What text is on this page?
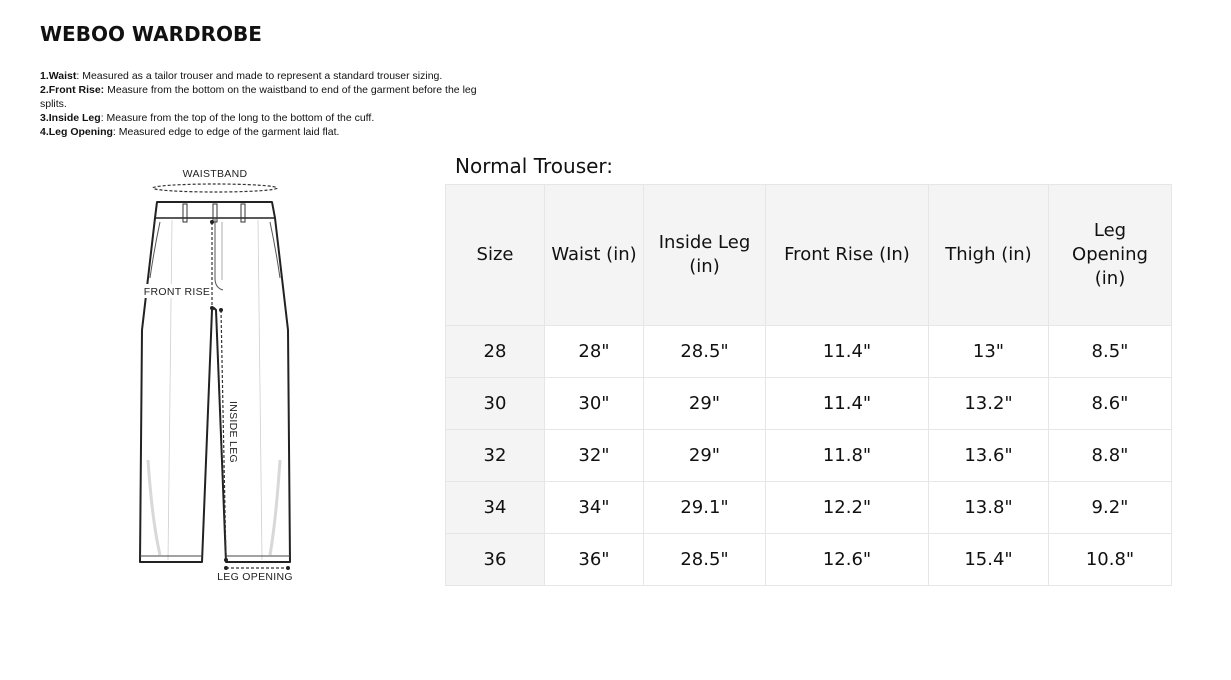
WEBOO WARDROBE
1.Waist: Measured as a tailor trouser and made to represent a standard trouser sizing.
2.Front Rise: Measure from the bottom on the waistband to end of the garment before the leg splits.
3.Inside Leg: Measure from the top of the long to the bottom of the cuff.
4.Leg Opening: Measured edge to edge of the garment laid flat.
WAISTBAND
FRONT RISE
INSIDE LEG
LEG OPENING
Normal Trouser:
Size	Waist (in)	Inside Leg (in)	Front Rise (In)	Thigh (in)	Leg Opening (in)
28	28"	28.5"	11.4"	13"	8.5"
30	30"	29"	11.4"	13.2"	8.6"
32	32"	29"	11.8"	13.6"	8.8"
34	34"	29.1"	12.2"	13.8"	9.2"
36	36"	28.5"	12.6"	15.4"	10.8"
